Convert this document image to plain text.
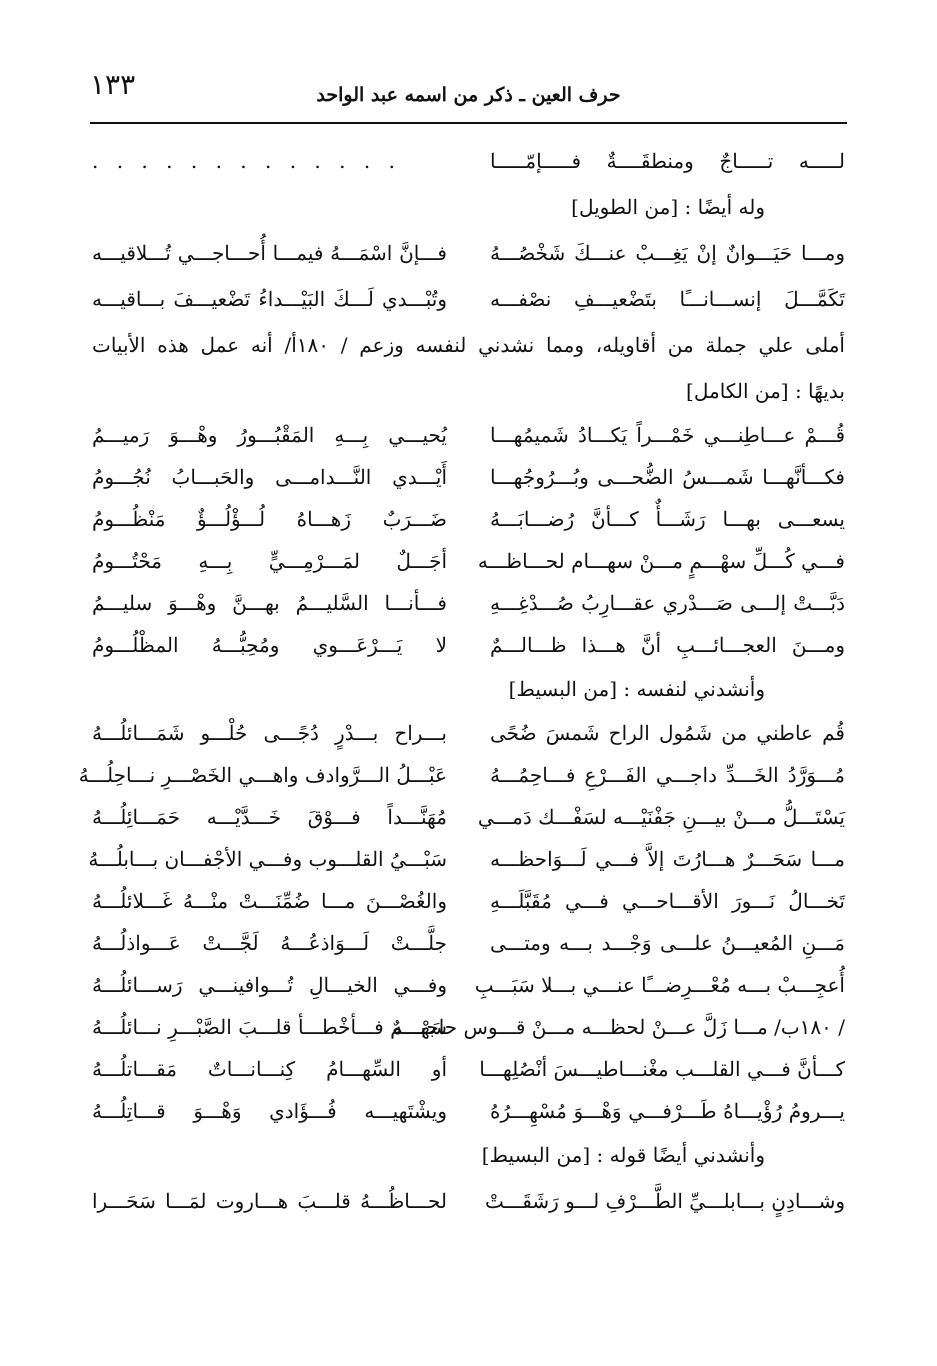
١٣٣	حرف العين ـ ذكر من اسمه عبد الواحد
لـــــه تـــــاجٌ ومنطقَــــةٌ فـــــإمّـــــا
. . . . . . . . . . . . .
وله أيضًا : [من الطويل]
ومـــا حَيَـــوانٌ إنْ يَغِـــبْ عنـــكَ شَخْصُـــهُ
فـــإنَّ اسْمَـــهُ فيمـــا أُحـــاجـــي تُـــلاقيـــه
تَكَمَّـــلَ إنســـانـــًا بتَضْعيـــفِ نصْفـــه
وتُبْـــدي لَـــكَ البَيْـــداءُ تَضْعيـــفَ بـــاقيـــه
أملى علي جملة من أقاويله، ومما نشدني لنفسه وزعم / ١٨٠أ/ أنه عمل هذه الأبيات
بديهًا : [من الكامل]
قُـــمْ عـــاطِنـــي خَمْـــراً يَكـــادُ شَميمُهـــا
يُحيـــي بِـــهِ المَقْبُـــورُ وهْـــوَ رَميـــمُ
فكـــأنَّهـــا شَمـــسُ الضُّحـــى وبُـــرُوجُهـــا
أَيْـــدي النَّـــدامـــى والحَبـــابُ نُجُـــومُ
يسعـــى بهـــا رَشَـــأٌ كـــأنَّ رُضـــابَـــهُ
ضَـــرَبٌ زَهـــاهُ لُـــؤْلُـــؤٌ مَنْظُـــومُ
فـــي كُـــلِّ سهْـــمٍ مـــنْ سهـــام لحـــاظـــه
أجَـــلٌ لمَـــرْمِـــيٍّ بِـــهِ مَحْتُـــومُ
دَبَّـــتْ إلـــى صَـــدْري عقـــارِبُ صُـــدْغِـــهِ
فـــأنـــا السَّليـــمُ بهـــنَّ وهْـــوَ سليـــمُ
ومـــنَ العجـــائـــبِ أنَّ هـــذا ظـــالـــمٌ
لا يَـــرْعَـــوي ومُحِبُّـــهُ المظْلُـــومُ
وأنشدني لنفسه : [من البسيط]
قُم عاطني من شَمُول الراح شَمسَ ضُحًى
بـــراح بـــدْرٍ دُجًـــى حُلْـــو شَمَـــائلُـــهُ
مُـــوَرَّدُ الخَـــدِّ داجـــي الفَـــرْعِ فـــاحِمُـــهُ
عَبْـــلُ الـــرَّوادف واهـــي الخَصْـــرِ نـــاحِلُـــهُ
يَسْتَـــلُّ مـــنْ بيـــنِ جَفْنَيْـــه لسَفْـــك دَمـــي
مُهَنَّـــداً فـــوْقَ خَـــدَّيْـــه حَمَـــائِلُـــهُ
مـــا سَحَـــرٌ هـــارُتَ إلاَّ فـــي لَـــوَاحظـــه
سَبْـــيُ القلـــوب وفـــي الأجْفـــان بـــابلُـــهُ
تَخـــالُ نَـــورَ الأقـــاحـــي فـــي مُقَبَّلَـــهِ
والغُصْـــنَ مـــا ضُمِّنَـــتْ منْـــهُ غَـــلائلُـــهُ
مَـــنِ المُعيـــنُ علـــى وَجْـــد بـــه ومتـــى
جلَّـــتْ لَـــوَاذعُـــهُ لَجَّـــتْ عَـــواذلُـــهُ
أُعجِـــبْ بـــه مُعْـــرِضـــًا عنـــي بـــلا سَبَـــبِ
وفـــي الخيـــالِ تُـــوافينـــي رَســـائلُـــهُ
/ ١٨٠ب/ مـــا زَلَّ عـــنْ لحظـــه مـــنْ قـــوس حاجبـــه
سَهْـــمٌ فـــأخْطـــأ قلـــبَ الصَّبْـــرِ نـــائلُـــهُ
كـــأنَّ فـــي القلـــب مغْنـــاطيـــسَ أنْصُلِهـــا
أو السِّهـــامُ كِنـــانـــاتٌ مَقـــاتلُـــهُ
يـــرومُ رُؤْيـــاهُ طَـــرْفـــي وَهْـــوَ مُسْهِـــرُهُ
ويشْتَهيـــه فُـــؤَادي وَهْـــوَ قـــاتِلُـــهُ
وأنشدني أيضًا قوله : [من البسيط]
وشـــادِنٍ بـــابلـــيِّ الطَّـــرْفِ لـــو رَشَقَـــتْ
لحـــاظُـــهُ قلـــبَ هـــاروت لمَـــا سَحَـــرا
